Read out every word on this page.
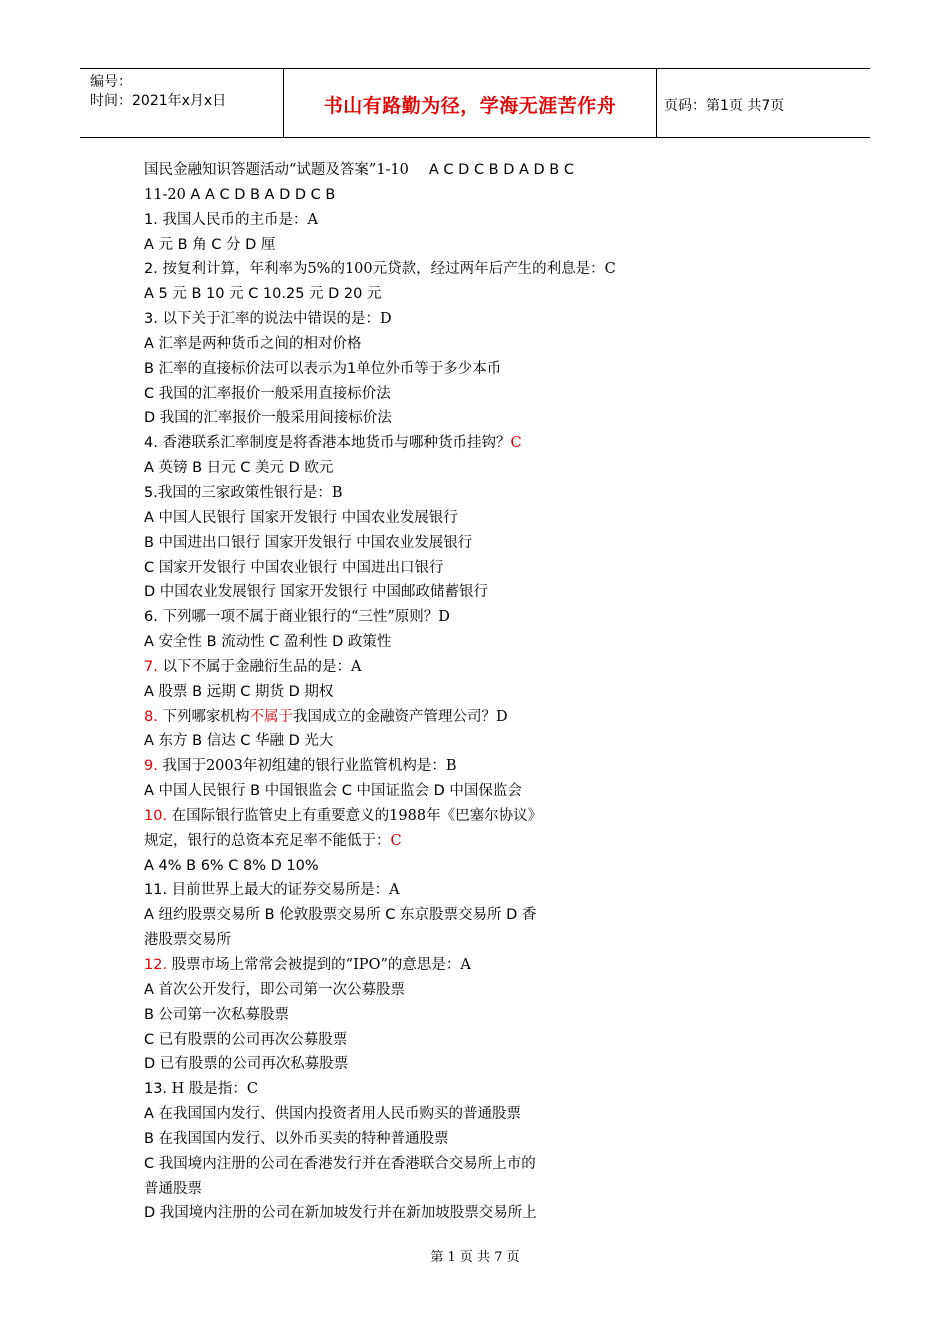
编号：
时间：2021年x月x日	书山有路勤为径，学海无涯苦作舟	页码：第1页 共7页
国民金融知识答题活动“试题及答案”1-10 A C D C B D A D B C
11-20 A A C D B A D D C B
1. 我国人民币的主币是：A
A 元 B 角 C 分 D 厘
2. 按复利计算，年利率为5%的100元贷款，经过两年后产生的利息是：C
A 5 元 B 10 元 C 10.25 元 D 20 元
3. 以下关于汇率的说法中错误的是：D
A 汇率是两种货币之间的相对价格
B 汇率的直接标价法可以表示为1单位外币等于多少本币
C 我国的汇率报价一般采用直接标价法
D 我国的汇率报价一般采用间接标价法
4. 香港联系汇率制度是将香港本地货币与哪种货币挂钩？C
A 英镑 B 日元 C 美元 D 欧元
5.我国的三家政策性银行是：B
A 中国人民银行 国家开发银行 中国农业发展银行
B 中国进出口银行 国家开发银行 中国农业发展银行
C 国家开发银行 中国农业银行 中国进出口银行
D 中国农业发展银行 国家开发银行 中国邮政储蓄银行
6. 下列哪一项不属于商业银行的“三性”原则？D
A 安全性 B 流动性 C 盈利性 D 政策性
7. 以下不属于金融衍生品的是：A
A 股票 B 远期 C 期货 D 期权
8. 下列哪家机构不属于我国成立的金融资产管理公司？D
A 东方 B 信达 C 华融 D 光大
9. 我国于2003年初组建的银行业监管机构是：B
A 中国人民银行 B 中国银监会 C 中国证监会 D 中国保监会
10. 在国际银行监管史上有重要意义的1988年《巴塞尔协议》
规定，银行的总资本充足率不能低于：C
A 4% B 6% C 8% D 10%
11. 目前世界上最大的证券交易所是：A
A 纽约股票交易所 B 伦敦股票交易所 C 东京股票交易所 D 香
港股票交易所
12. 股票市场上常常会被提到的“IPO”的意思是：A
A 首次公开发行，即公司第一次公募股票
B 公司第一次私募股票
C 已有股票的公司再次公募股票
D 已有股票的公司再次私募股票
13. H 股是指：C
A 在我国国内发行、供国内投资者用人民币购买的普通股票
B 在我国国内发行、以外币买卖的特种普通股票
C 我国境内注册的公司在香港发行并在香港联合交易所上市的
普通股票
D 我国境内注册的公司在新加坡发行并在新加坡股票交易所上
第 1 页 共 7 页
